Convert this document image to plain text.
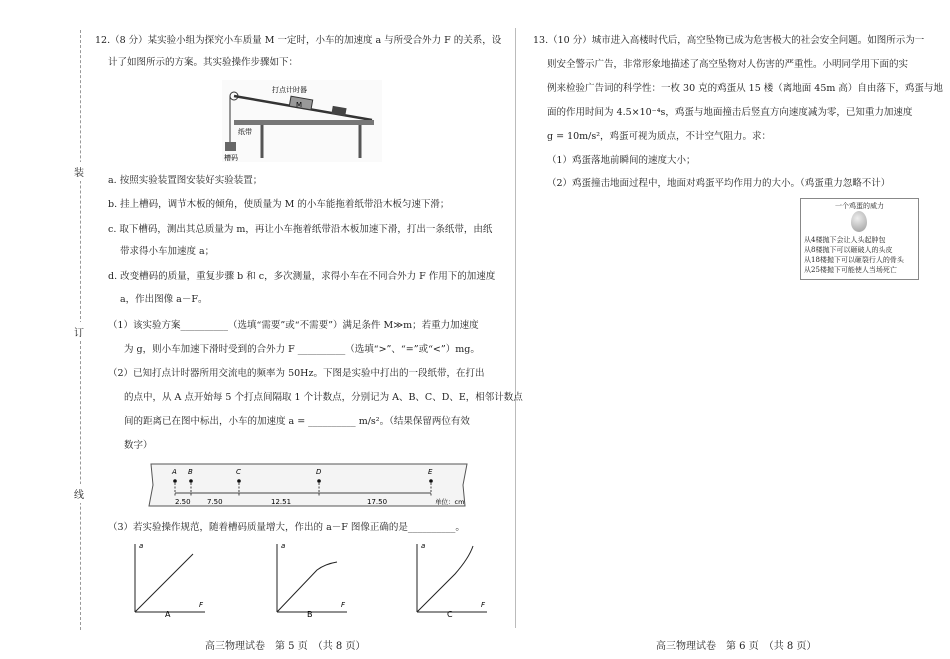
装
订
线
12.（8 分）某实验小组为探究小车质量 M 一定时，小车的加速度 a 与所受合外力 F 的关系，设
计了如图所示的方案。其实验操作步骤如下：
M
打点计时器
纸带
槽码
a. 按照实验装置图安装好实验装置；
b. 挂上槽码，调节木板的倾角，使质量为 M 的小车能拖着纸带沿木板匀速下滑；
c. 取下槽码，测出其总质量为 m，再让小车拖着纸带沿木板加速下滑，打出一条纸带，由纸
带求得小车加速度 a；
d. 改变槽码的质量，重复步骤 b 和 c，多次测量，求得小车在不同合外力 F 作用下的加速度
a，作出图像 a－F。
（1）该实验方案__________（选填“需要”或“不需要”）满足条件 M≫m；若重力加速度
为 g，则小车加速下滑时受到的合外力 F __________（选填“>”、“=”或“<”）mg。
（2）已知打点计时器所用交流电的频率为 50Hz。下图是实验中打出的一段纸带，在打出
的点中，从 A 点开始每 5 个打点间隔取 1 个计数点，分别记为 A、B、C、D、E，相邻计数点
间的距离已在图中标出，小车的加速度 a = __________ m/s²。（结果保留两位有效
数字）
A B	C	D	E
2.50 7.50	12.51	17.50	单位：cm
（3）若实验操作规范，随着槽码质量增大，作出的 a－F 图像正确的是__________。
a
F
A
a
F
B
a
F
C
13.（10 分）城市进入高楼时代后，高空坠物已成为危害极大的社会安全问题。如图所示为一
则安全警示广告，非常形象地描述了高空坠物对人伤害的严重性。小明同学用下面的实
例来检验广告词的科学性：一枚 30 克的鸡蛋从 15 楼（离地面 45m 高）自由落下，鸡蛋与地
面的作用时间为 4.5×10⁻⁴s，鸡蛋与地面撞击后竖直方向速度减为零，已知重力加速度
g = 10m/s²，鸡蛋可视为质点，不计空气阻力。求：
（1）鸡蛋落地前瞬间的速度大小；
（2）鸡蛋撞击地面过程中，地面对鸡蛋平均作用力的大小。（鸡蛋重力忽略不计）
一个鸡蛋的威力
从4楼抛下会让人头起肿包
从8楼抛下可以砸破人的头皮
从18楼抛下可以砸裂行人的骨头
从25楼抛下可能使人当场死亡
高三物理试卷　第 5 页　（共 8 页）	高三物理试卷　第 6 页　（共 8 页）
